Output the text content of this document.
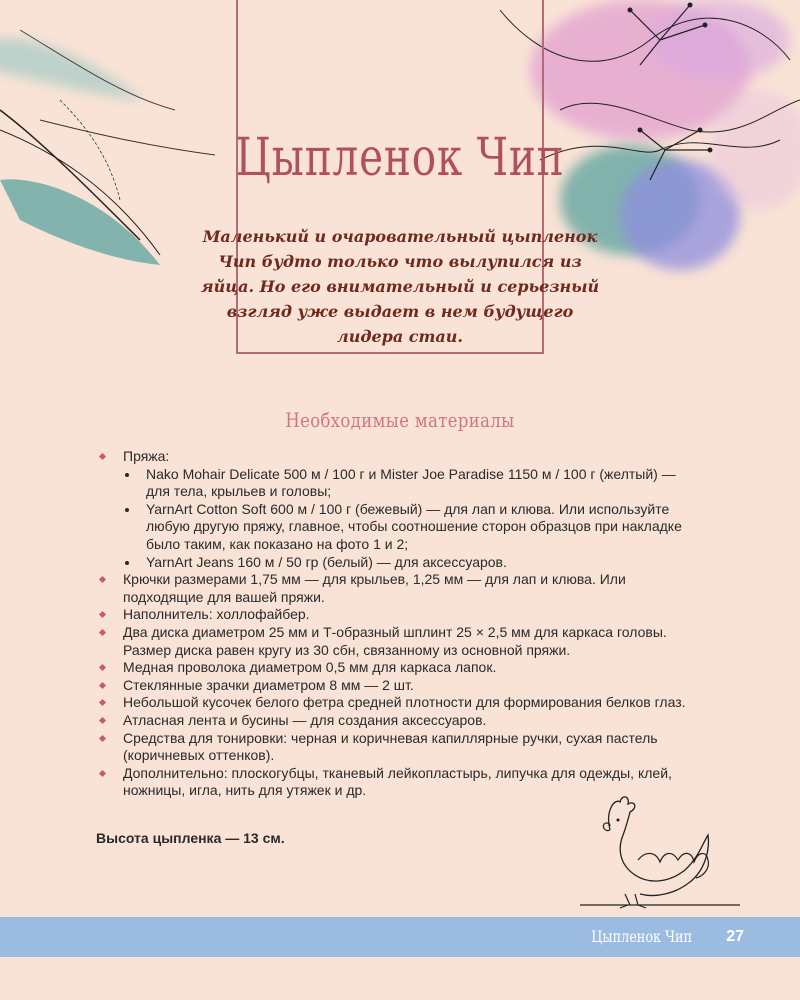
Цыпленок Чип
Маленький и очаровательный цыпленок Чип будто только что вылупился из яйца. Но его внимательный и серьезный взгляд уже выдает в нем будущего лидера стаи.
Необходимые материалы
Пряжа:
Nako Mohair Delicate 500 м / 100 г и Mister Joe Paradise 1150 м / 100 г (желтый) — для тела, крыльев и головы;
YarnArt Cotton Soft 600 м / 100 г (бежевый) — для лап и клюва. Или используйте любую другую пряжу, главное, чтобы соотношение сторон образцов при накладке было таким, как показано на фото 1 и 2;
YarnArt Jeans 160 м / 50 гр (белый) — для аксессуаров.
Крючки размерами 1,75 мм — для крыльев, 1,25 мм — для лап и клюва. Или подходящие для вашей пряжи.
Наполнитель: холлофайбер.
Два диска диаметром 25 мм и Т-образный шплинт 25 × 2,5 мм для каркаса головы. Размер диска равен кругу из 30 сбн, связанному из основной пряжи.
Медная проволока диаметром 0,5 мм для каркаса лапок.
Стеклянные зрачки диаметром 8 мм — 2 шт.
Небольшой кусочек белого фетра средней плотности для формирования белков глаз.
Атласная лента и бусины — для создания аксессуаров.
Средства для тонировки: черная и коричневая капиллярные ручки, сухая пастель (коричневых оттенков).
Дополнительно: плоскогубцы, тканевый лейкопластырь, липучка для одежды, клей, ножницы, игла, нить для утяжек и др.
Высота цыпленка — 13 см.
Цыпленок Чип 27
